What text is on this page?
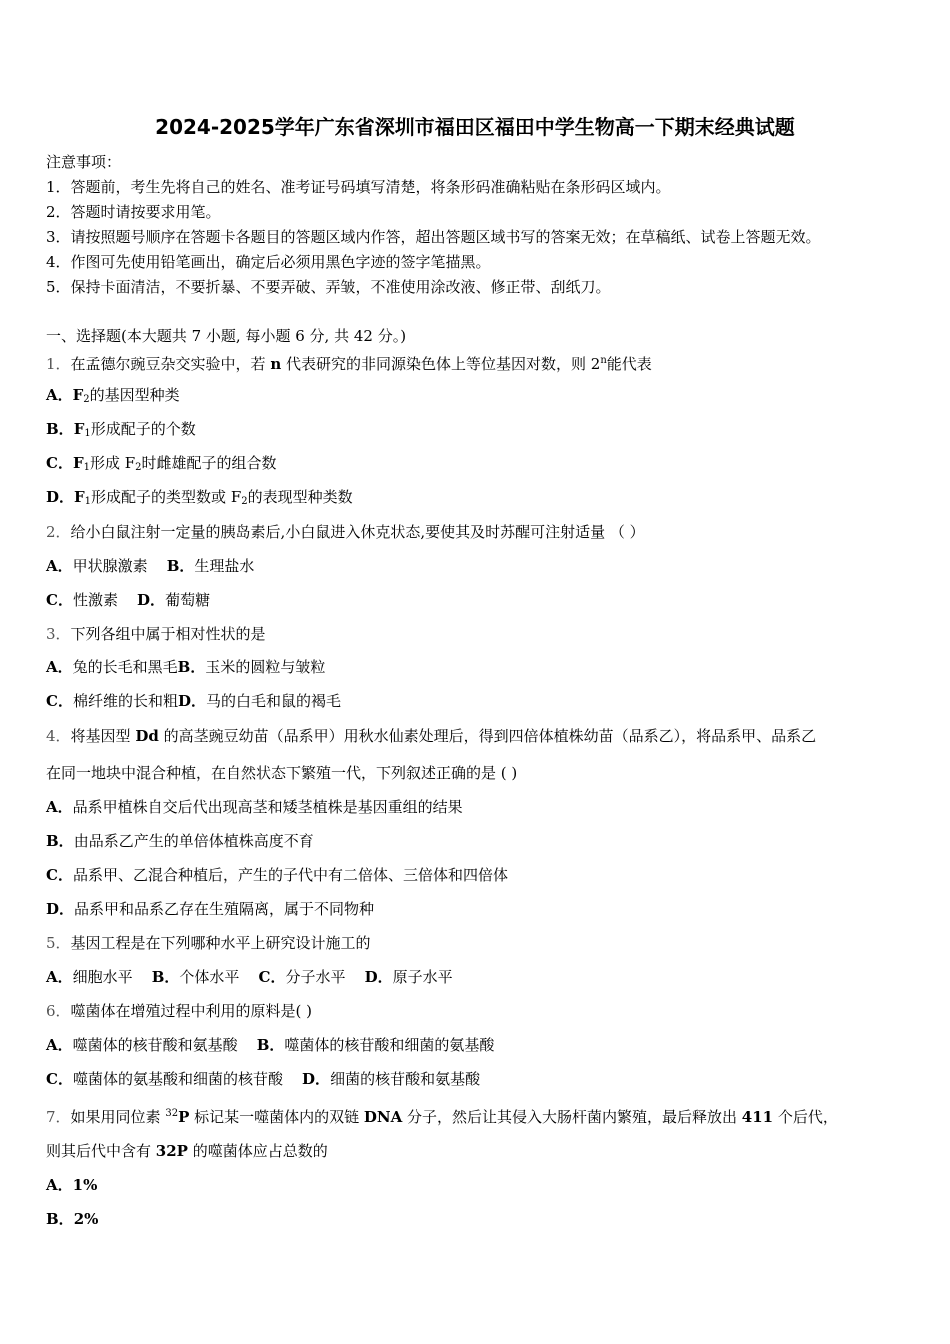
2024-2025学年广东省深圳市福田区福田中学生物高一下期末经典试题
注意事项：
1．答题前，考生先将自己的姓名、准考证号码填写清楚，将条形码准确粘贴在条形码区域内。
2．答题时请按要求用笔。
3．请按照题号顺序在答题卡各题目的答题区域内作答，超出答题区域书写的答案无效；在草稿纸、试卷上答题无效。
4．作图可先使用铅笔画出，确定后必须用黑色字迹的签字笔描黑。
5．保持卡面清洁，不要折暴、不要弄破、弄皱，不准使用涂改液、修正带、刮纸刀。
一、选择题(本大题共 7 小题, 每小题 6 分, 共 42 分。)
1．在孟德尔豌豆杂交实验中，若 n 代表研究的非同源染色体上等位基因对数，则 2$^n$能代表
A．$F_2$的基因型种类
B．$F_1$形成配子的个数
C．$F_1$形成 $F_2$时雌雄配子的组合数
D．$F_1$形成配子的类型数或 $F_2$的表现型种类数
2．给小白鼠注射一定量的胰岛素后,小白鼠进入休克状态,要使其及时苏醒可注射适量 （ ）
A．甲状腺激素 B．生理盐水
C．性激素 D．葡萄糖
3．下列各组中属于相对性状的是
A．兔的长毛和黑毛B．玉米的圆粒与皱粒
C．棉纤维的长和粗D．马的白毛和鼠的褐毛
4．将基因型 Dd 的高茎豌豆幼苗（品系甲）用秋水仙素处理后，得到四倍体植株幼苗（品系乙），将品系甲、品系乙
在同一地块中混合种植，在自然状态下繁殖一代，下列叙述正确的是 ( )
A．品系甲植株自交后代出现高茎和矮茎植株是基因重组的结果
B．由品系乙产生的单倍体植株高度不育
C．品系甲、乙混合种植后，产生的子代中有二倍体、三倍体和四倍体
D．品系甲和品系乙存在生殖隔离，属于不同物种
5．基因工程是在下列哪种水平上研究设计施工的
A．细胞水平 B．个体水平 C．分子水平 D．原子水平
6．噬菌体在增殖过程中利用的原料是( )
A．噬菌体的核苷酸和氨基酸 B．噬菌体的核苷酸和细菌的氨基酸
C．噬菌体的氨基酸和细菌的核苷酸 D．细菌的核苷酸和氨基酸
7．如果用同位素 $^{32}$P 标记某一噬菌体内的双链 DNA 分子，然后让其侵入大肠杆菌内繁殖，最后释放出 411 个后代，
则其后代中含有 32P 的噬菌体应占总数的
A．1%
B．2%
